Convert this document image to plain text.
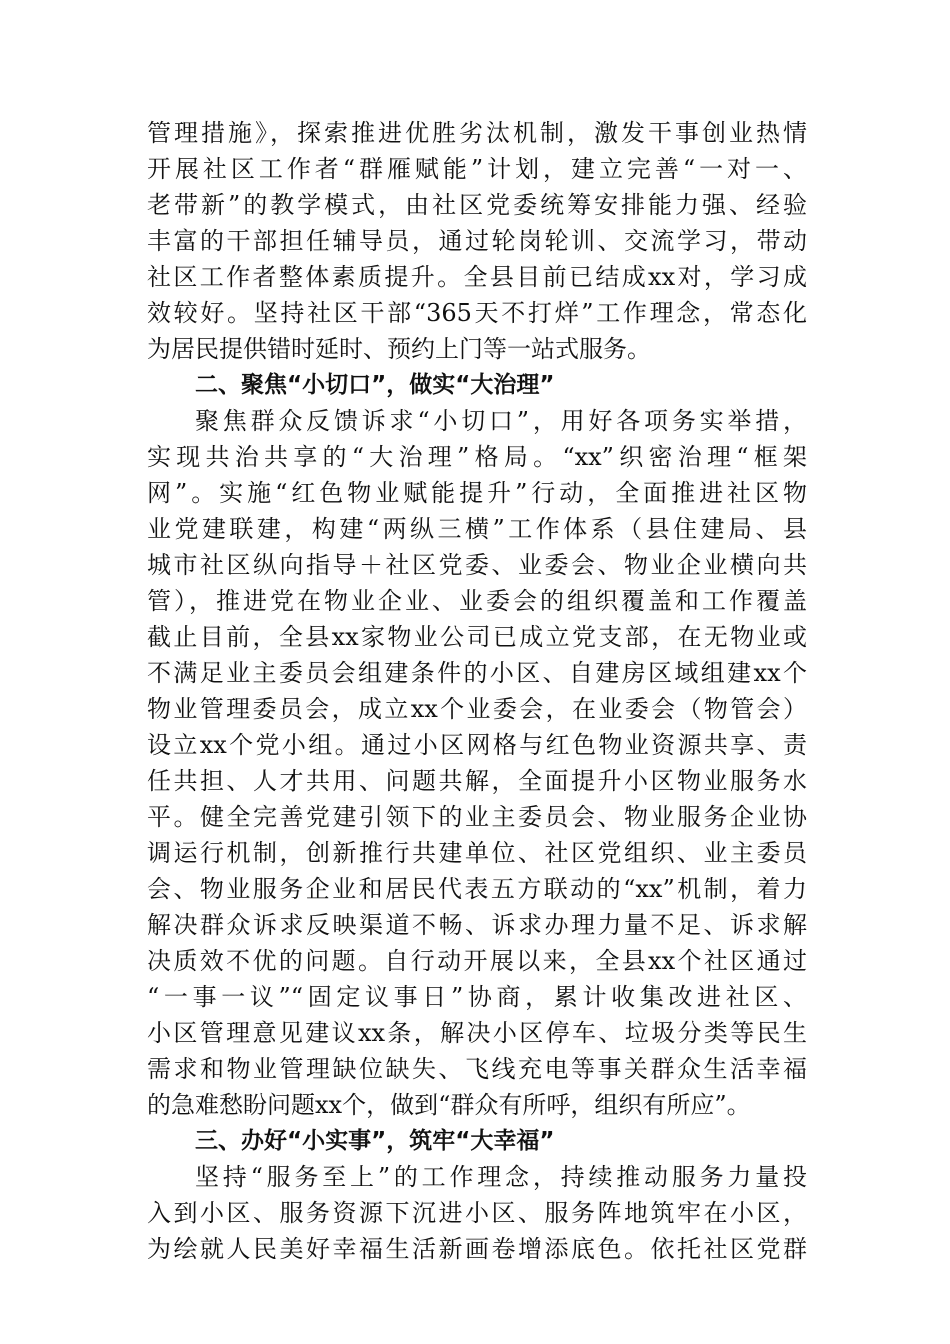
管理措施》，探索推进优胜劣汰机制，激发干事创业热情
开展社区工作者“群雁赋能”计划，建立完善“一对一、
老带新”的教学模式，由社区党委统筹安排能力强、经验
丰富的干部担任辅导员，通过轮岗轮训、交流学习，带动
社区工作者整体素质提升。全县目前已结成xx对，学习成
效较好。坚持社区干部“365天不打烊”工作理念，常态化
为居民提供错时延时、预约上门等一站式服务。
二、聚焦“小切口”，做实“大治理”
聚焦群众反馈诉求“小切口”，用好各项务实举措，
实现共治共享的“大治理”格局。“xx”织密治理“框架
网”。实施“红色物业赋能提升”行动，全面推进社区物
业党建联建，构建“两纵三横”工作体系（县住建局、县
城市社区纵向指导＋社区党委、业委会、物业企业横向共
管），推进党在物业企业、业委会的组织覆盖和工作覆盖
截止目前，全县xx家物业公司已成立党支部，在无物业或
不满足业主委员会组建条件的小区、自建房区域组建xx个
物业管理委员会，成立xx个业委会，在业委会（物管会）
设立xx个党小组。通过小区网格与红色物业资源共享、责
任共担、人才共用、问题共解，全面提升小区物业服务水
平。健全完善党建引领下的业主委员会、物业服务企业协
调运行机制，创新推行共建单位、社区党组织、业主委员
会、物业服务企业和居民代表五方联动的“xx”机制，着力
解决群众诉求反映渠道不畅、诉求办理力量不足、诉求解
决质效不优的问题。自行动开展以来，全县xx个社区通过
“一事一议”“固定议事日”协商，累计收集改进社区、
小区管理意见建议xx条，解决小区停车、垃圾分类等民生
需求和物业管理缺位缺失、飞线充电等事关群众生活幸福
的急难愁盼问题xx个，做到“群众有所呼，组织有所应”。
三、办好“小实事”，筑牢“大幸福”
坚持“服务至上”的工作理念，持续推动服务力量投
入到小区、服务资源下沉进小区、服务阵地筑牢在小区，
为绘就人民美好幸福生活新画卷增添底色。依托社区党群
